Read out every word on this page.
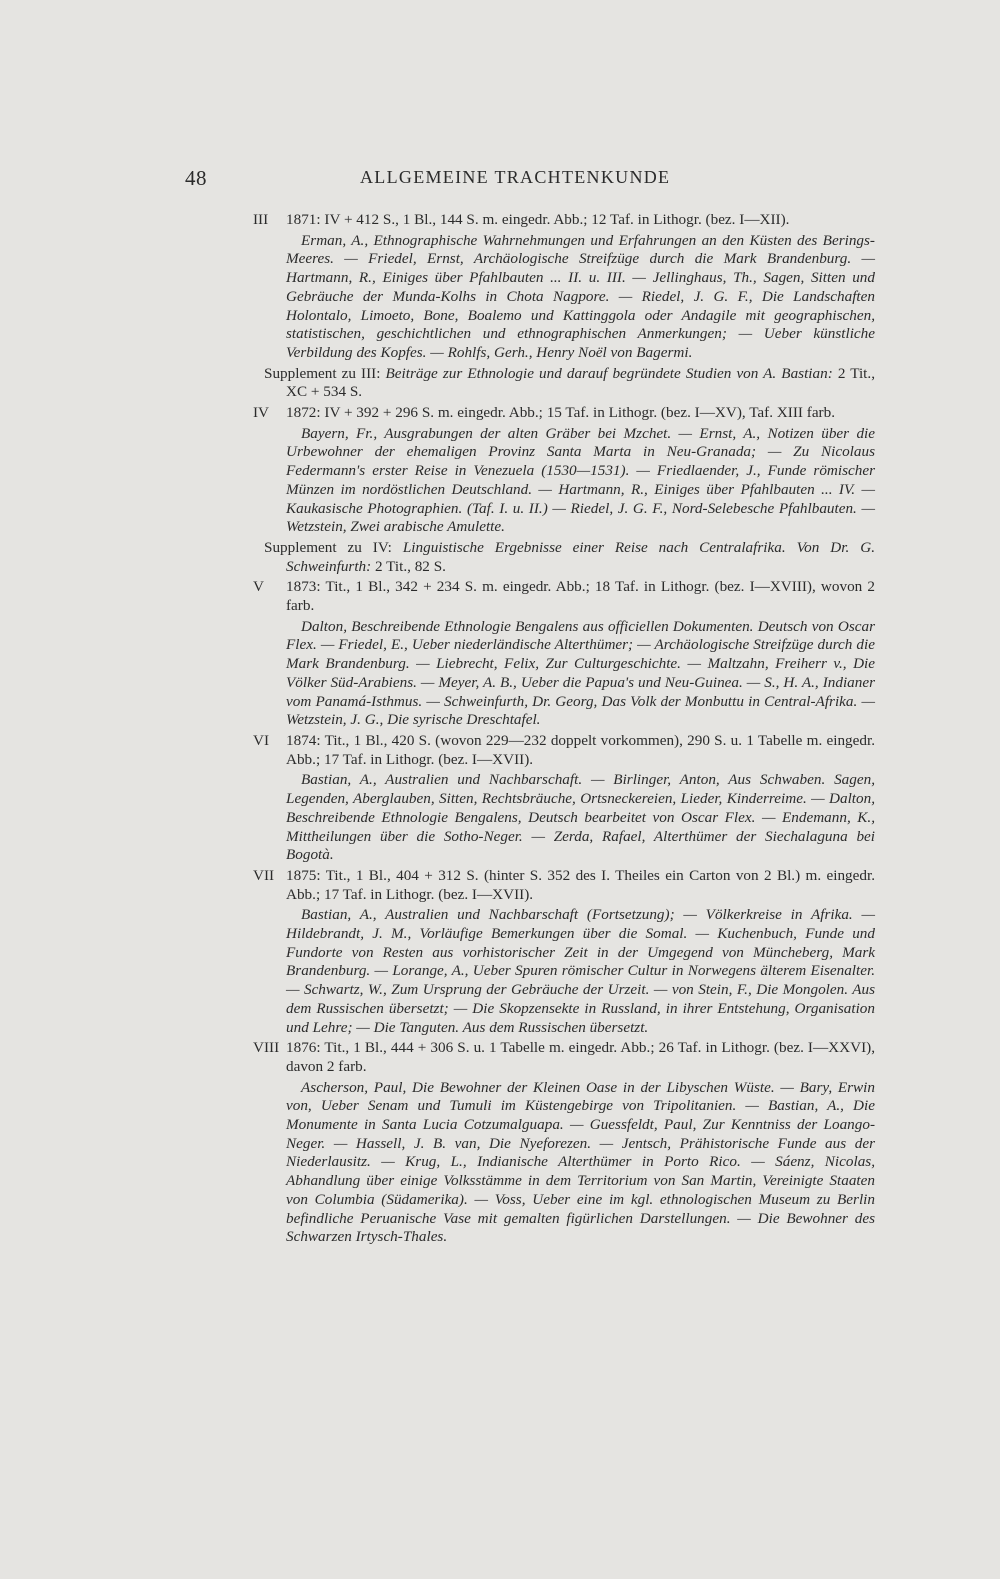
48	ALLGEMEINE TRACHTENKUNDE
III	1871: IV + 412 S., 1 Bl., 144 S. m. eingedr. Abb.; 12 Taf. in Lithogr. (bez. I—XII).

Erman, A., Ethnographische Wahrnehmungen und Erfahrungen an den Küsten des Berings-Meeres. — Friedel, Ernst, Archäologische Streifzüge durch die Mark Brandenburg. — Hartmann, R., Einiges über Pfahlbauten ... II. u. III. — Jellinghaus, Th., Sagen, Sitten und Gebräuche der Munda-Kolhs in Chota Nagpore. — Riedel, J. G. F., Die Landschaften Holontalo, Limoeto, Bone, Boalemo und Kattinggola oder Andagile mit geographischen, statistischen, geschichtlichen und ethnographischen Anmerkungen; — Ueber künstliche Verbildung des Kopfes. — Rohlfs, Gerh., Henry Noël von Bagermi.

Supplement zu III: Beiträge zur Ethnologie und darauf begründete Studien von A. Bastian: 2 Tit., XC + 534 S.

IV	1872: IV + 392 + 296 S. m. eingedr. Abb.; 15 Taf. in Lithogr. (bez. I—XV), Taf. XIII farb.

Bayern, Fr., Ausgrabungen der alten Gräber bei Mzchet. — Ernst, A., Notizen über die Urbewohner der ehemaligen Provinz Santa Marta in Neu-Granada; — Zu Nicolaus Federmann's erster Reise in Venezuela (1530—1531). — Friedlaender, J., Funde römischer Münzen im nordöstlichen Deutschland. — Hartmann, R., Einiges über Pfahlbauten ... IV. — Kaukasische Photographien. (Taf. I. u. II.) — Riedel, J. G. F., Nord-Selebesche Pfahlbauten. — Wetzstein, Zwei arabische Amulette.

Supplement zu IV: Linguistische Ergebnisse einer Reise nach Centralafrika. Von Dr. G. Schweinfurth: 2 Tit., 82 S.

V	1873: Tit., 1 Bl., 342 + 234 S. m. eingedr. Abb.; 18 Taf. in Lithogr. (bez. I—XVIII), wovon 2 farb.

Dalton, Beschreibende Ethnologie Bengalens aus officiellen Dokumenten. Deutsch von Oscar Flex. — Friedel, E., Ueber niederländische Alterthümer; — Archäologische Streifzüge durch die Mark Brandenburg. — Liebrecht, Felix, Zur Culturgeschichte. — Maltzahn, Freiherr v., Die Völker Süd-Arabiens. — Meyer, A. B., Ueber die Papua's und Neu-Guinea. — S., H. A., Indianer vom Panamá-Isthmus. — Schweinfurth, Dr. Georg, Das Volk der Monbuttu in Central-Afrika. — Wetzstein, J. G., Die syrische Dreschtafel.

VI	1874: Tit., 1 Bl., 420 S. (wovon 229—232 doppelt vorkommen), 290 S. u. 1 Tabelle m. eingedr. Abb.; 17 Taf. in Lithogr. (bez. I—XVII).

Bastian, A., Australien und Nachbarschaft. — Birlinger, Anton, Aus Schwaben. Sagen, Legenden, Aberglauben, Sitten, Rechtsbräuche, Ortsneckereien, Lieder, Kinderreime. — Dalton, Beschreibende Ethnologie Bengalens, Deutsch bearbeitet von Oscar Flex. — Endemann, K., Mittheilungen über die Sotho-Neger. — Zerda, Rafael, Alterthümer der Siechalaguna bei Bogotà.

VII 1875: Tit., 1 Bl., 404 + 312 S. (hinter S. 352 des I. Theiles ein Carton von 2 Bl.) m. eingedr. Abb.; 17 Taf. in Lithogr. (bez. I—XVII).

Bastian, A., Australien und Nachbarschaft (Fortsetzung); — Völkerkreise in Afrika. — Hildebrandt, J. M., Vorläufige Bemerkungen über die Somal. — Kuchenbuch, Funde und Fundorte von Resten aus vorhistorischer Zeit in der Umgegend von Müncheberg, Mark Brandenburg. — Lorange, A., Ueber Spuren römischer Cultur in Norwegens älterem Eisenalter. — Schwartz, W., Zum Ursprung der Gebräuche der Urzeit. — von Stein, F., Die Mongolen. Aus dem Russischen übersetzt; — Die Skopzensekte in Russland, in ihrer Entstehung, Organisation und Lehre; — Die Tanguten. Aus dem Russischen übersetzt.

VIII 1876: Tit., 1 Bl., 444 + 306 S. u. 1 Tabelle m. eingedr. Abb.; 26 Taf. in Lithogr. (bez. I—XXVI), davon 2 farb.

Ascherson, Paul, Die Bewohner der Kleinen Oase in der Libyschen Wüste. — Bary, Erwin von, Ueber Senam und Tumuli im Küstengebirge von Tripolitanien. — Bastian, A., Die Monumente in Santa Lucia Cotzumalguapa. — Guessfeldt, Paul, Zur Kenntniss der Loango-Neger. — Hassell, J. B. van, Die Nyeforezen. — Jentsch, Prähistorische Funde aus der Niederlausitz. — Krug, L., Indianische Alterthümer in Porto Rico. — Sáenz, Nicolas, Abhandlung über einige Volksstämme in dem Territorium von San Martin, Vereinigte Staaten von Columbia (Südamerika). — Voss, Ueber eine im kgl. ethnologischen Museum zu Berlin befindliche Peruanische Vase mit gemalten figürlichen Darstellungen. — Die Bewohner des Schwarzen Irtysch-Thales.
